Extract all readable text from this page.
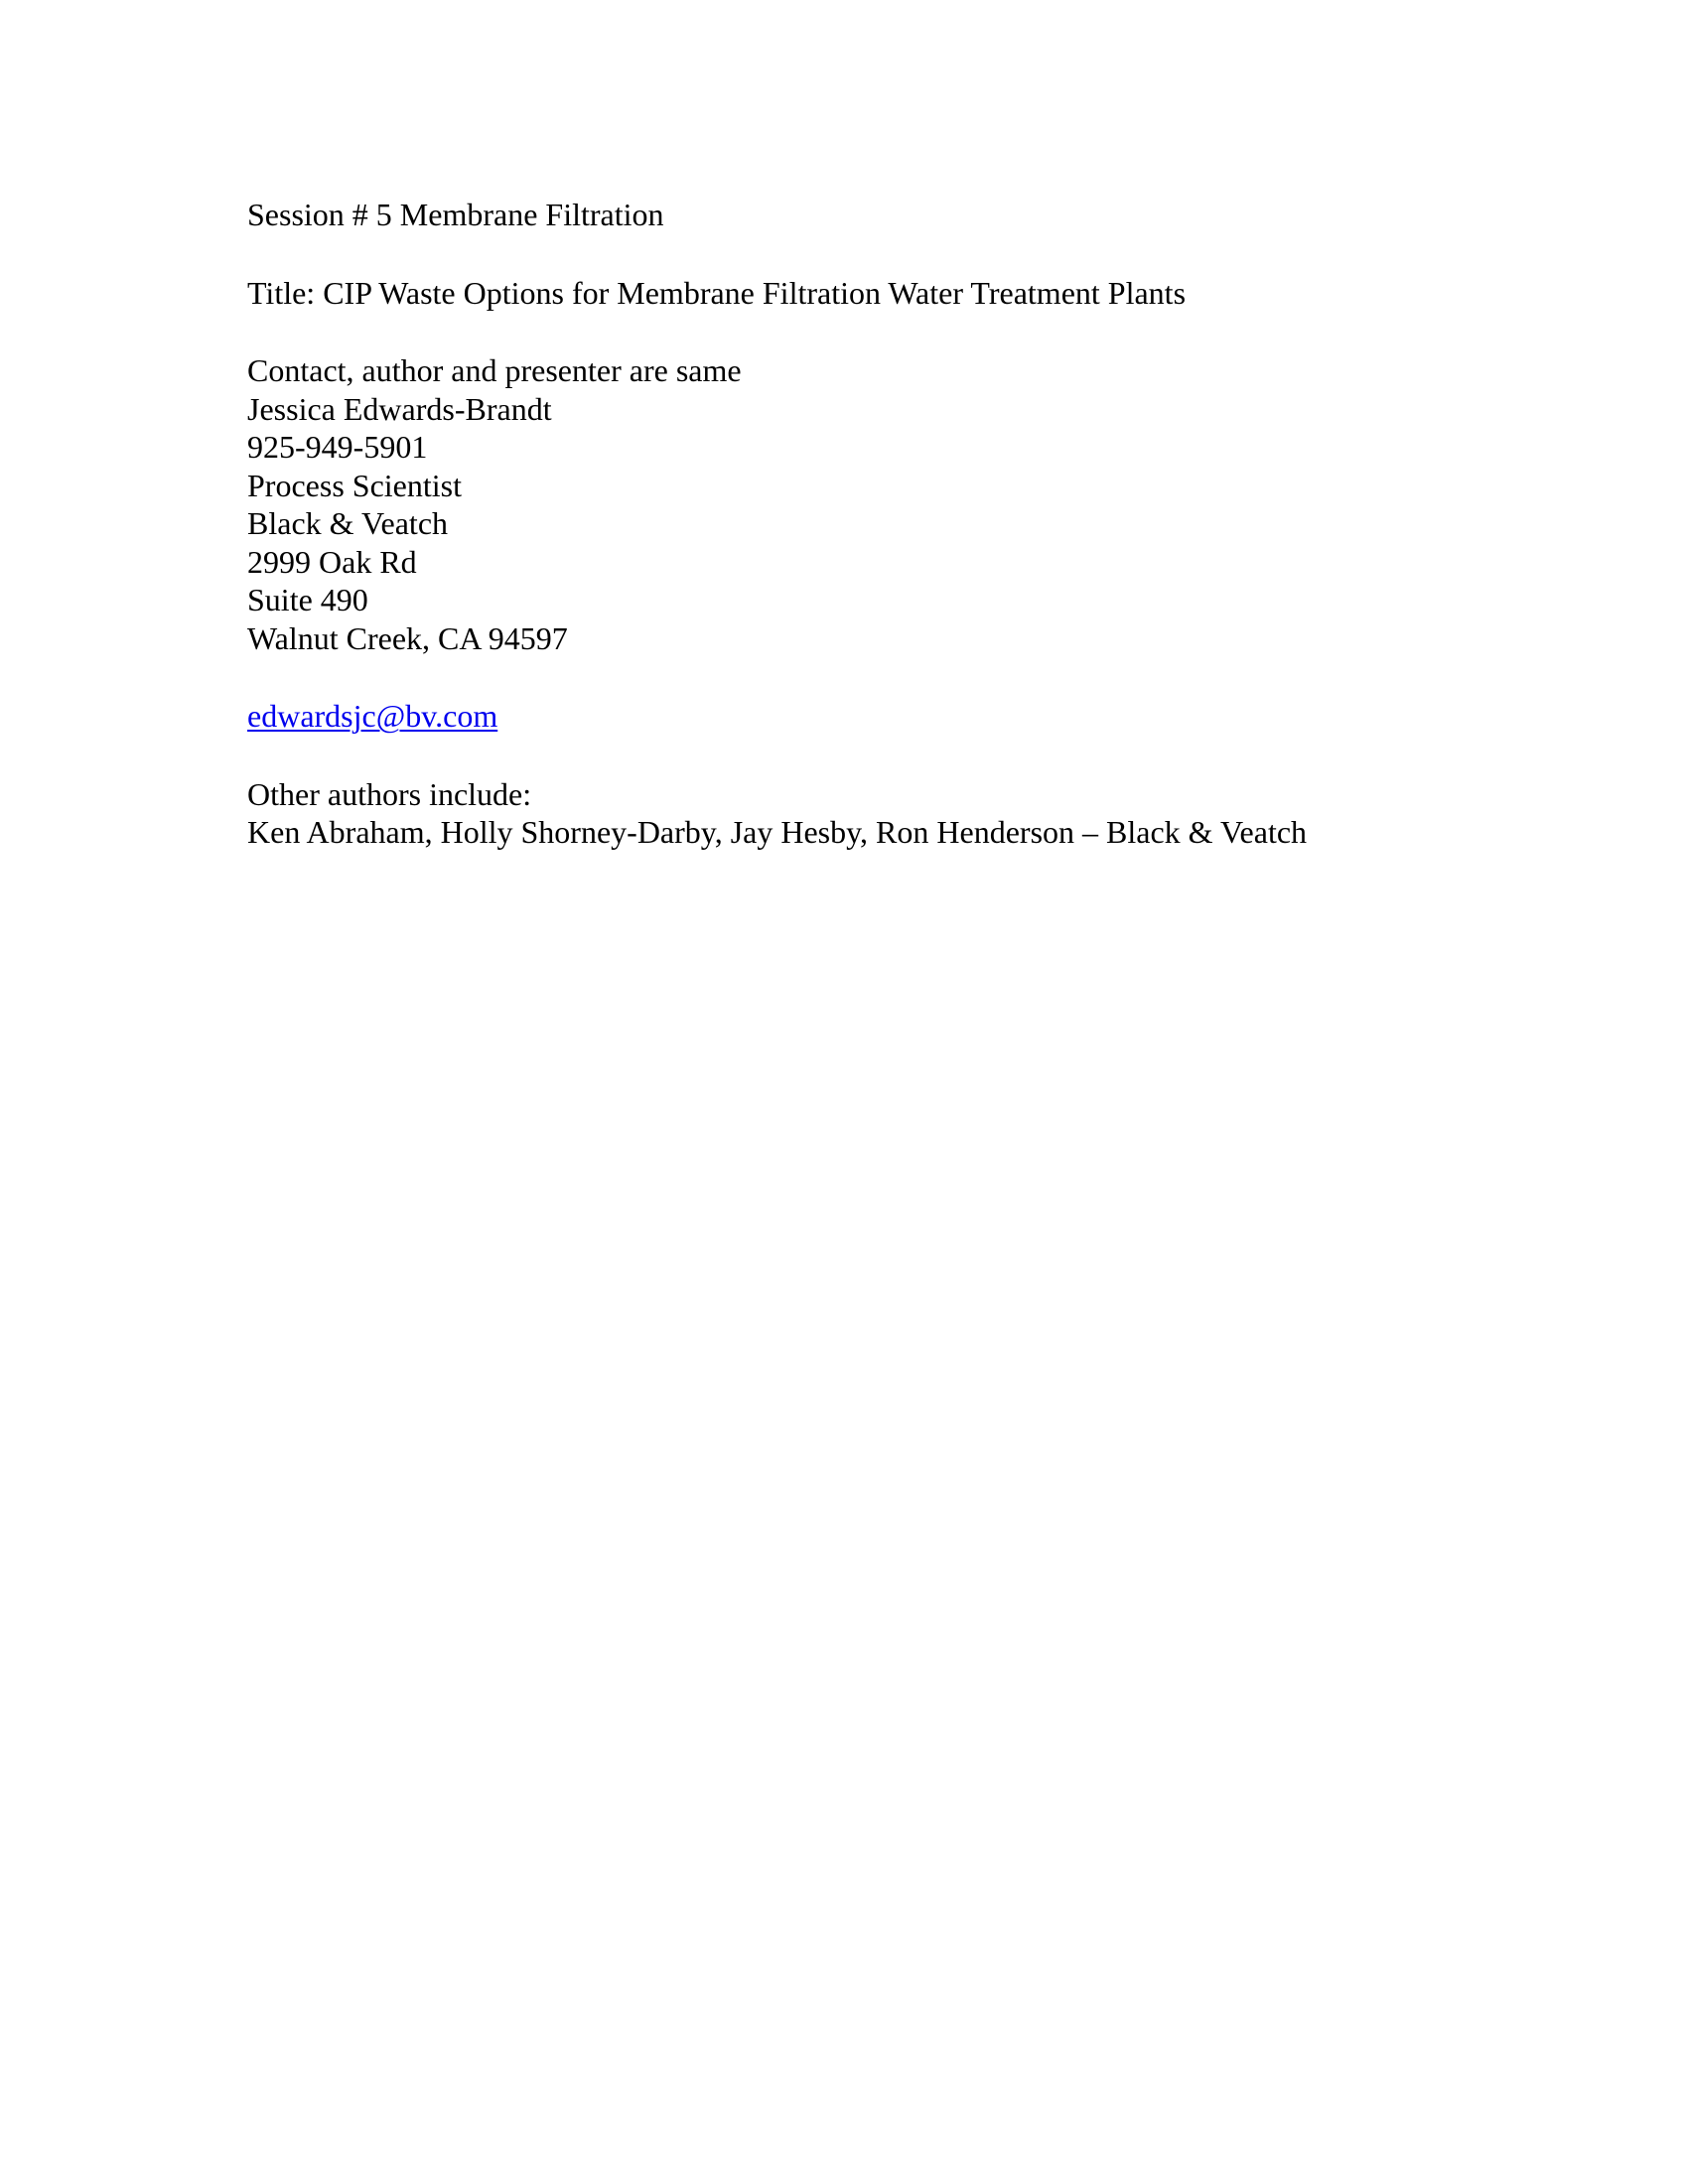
Session # 5 Membrane Filtration

Title: CIP Waste Options for Membrane Filtration Water Treatment Plants

Contact, author and presenter are same

Jessica Edwards-Brandt

925-949-5901

Process Scientist

Black & Veatch

2999 Oak Rd

Suite 490

Walnut Creek, CA 94597

edwardsjc@bv.com

Other authors include:

Ken Abraham, Holly Shorney-Darby, Jay Hesby, Ron Henderson – Black & Veatch
